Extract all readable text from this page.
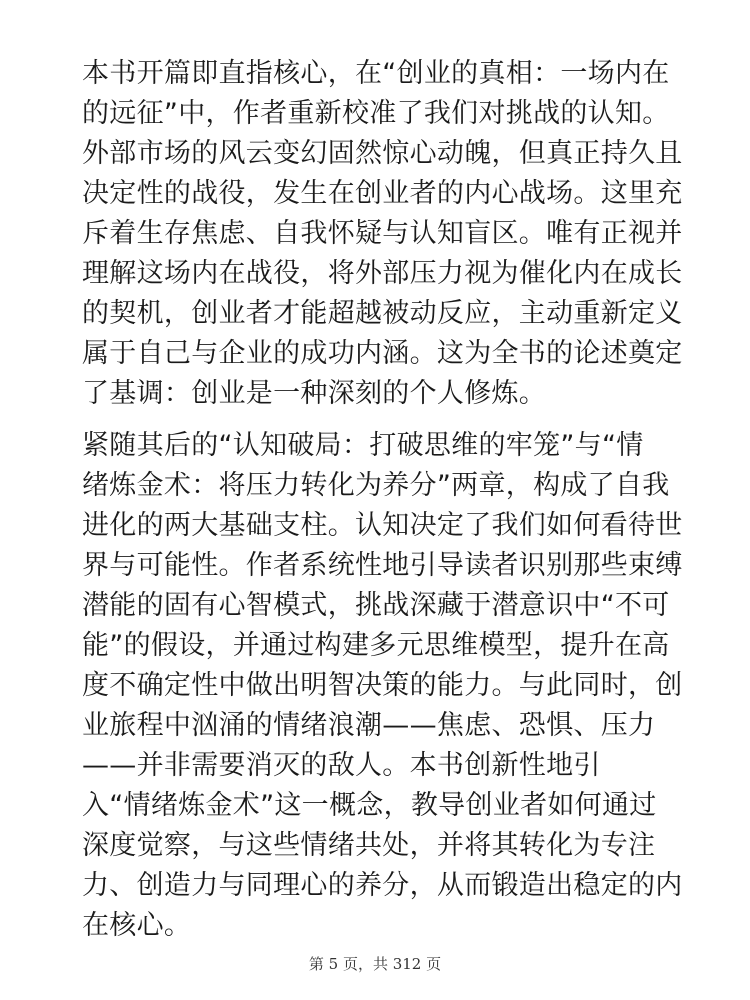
本书开篇即直指核心，在“创业的真相：一场内在
的远征”中，作者重新校准了我们对挑战的认知。
外部市场的风云变幻固然惊心动魄，但真正持久且
决定性的战役，发生在创业者的内心战场。这里充
斥着生存焦虑、自我怀疑与认知盲区。唯有正视并
理解这场内在战役，将外部压力视为催化内在成长
的契机，创业者才能超越被动反应，主动重新定义
属于自己与企业的成功内涵。这为全书的论述奠定
了基调：创业是一种深刻的个人修炼。
紧随其后的“认知破局：打破思维的牢笼”与“情
绪炼金术：将压力转化为养分”两章，构成了自我
进化的两大基础支柱。认知决定了我们如何看待世
界与可能性。作者系统性地引导读者识别那些束缚
潜能的固有心智模式，挑战深藏于潜意识中“不可
能”的假设，并通过构建多元思维模型，提升在高
度不确定性中做出明智决策的能力。与此同时，创
业旅程中汹涌的情绪浪潮——焦虑、恐惧、压力
——并非需要消灭的敌人。本书创新性地引
入“情绪炼金术”这一概念，教导创业者如何通过
深度觉察，与这些情绪共处，并将其转化为专注
力、创造力与同理心的养分，从而锻造出稳定的内
在核心。
第 5 页，共 312 页
